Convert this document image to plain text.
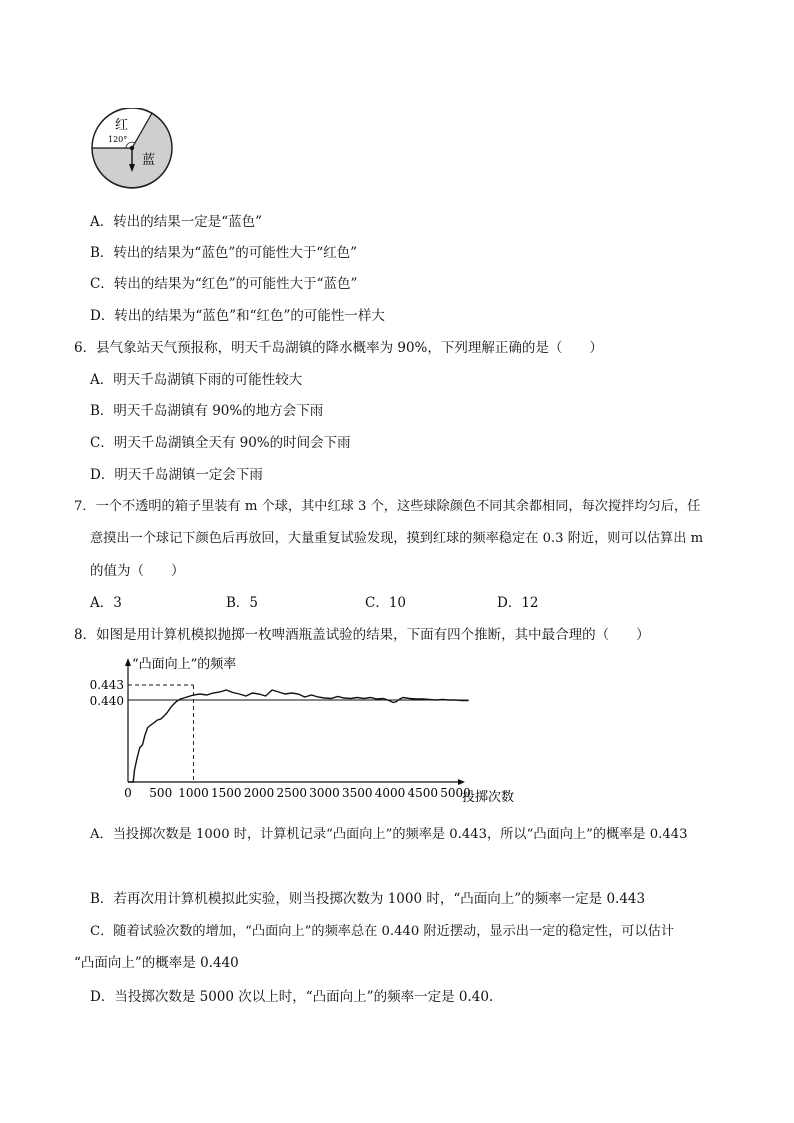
红
120°
蓝
A．转出的结果一定是“蓝色”
B．转出的结果为“蓝色”的可能性大于“红色”
C．转出的结果为“红色”的可能性大于“蓝色”
D．转出的结果为“蓝色”和“红色”的可能性一样大
6．县气象站天气预报称，明天千岛湖镇的降水概率为 90%，下列理解正确的是（　　）
A．明天千岛湖镇下雨的可能性较大
B．明天千岛湖镇有 90%的地方会下雨
C．明天千岛湖镇全天有 90%的时间会下雨
D．明天千岛湖镇一定会下雨
7．一个不透明的箱子里装有 m 个球，其中红球 3 个，这些球除颜色不同其余都相同，每次搅拌均匀后，任
意摸出一个球记下颜色后再放回，大量重复试验发现，摸到红球的频率稳定在 0.3 附近，则可以估算出 m
的值为（　　）
A．3	B．5	C．10	D．12
8．如图是用计算机模拟抛掷一枚啤酒瓶盖试验的结果，下面有四个推断，其中最合理的（　　）
“凸面向上”的频率
投掷次数
0 500 1000 1500 2000 2500 3000 3500 4000 4500 5000
0.443
0.440
A．当投掷次数是 1000 时，计算机记录“凸面向上”的频率是 0.443，所以“凸面向上”的概率是 0.443
B．若再次用计算机模拟此实验，则当投掷次数为 1000 时，“凸面向上”的频率一定是 0.443
C．随着试验次数的增加，“凸面向上”的频率总在 0.440 附近摆动，显示出一定的稳定性，可以估计
“凸面向上”的概率是 0.440
D．当投掷次数是 5000 次以上时，“凸面向上”的频率一定是 0.40.
